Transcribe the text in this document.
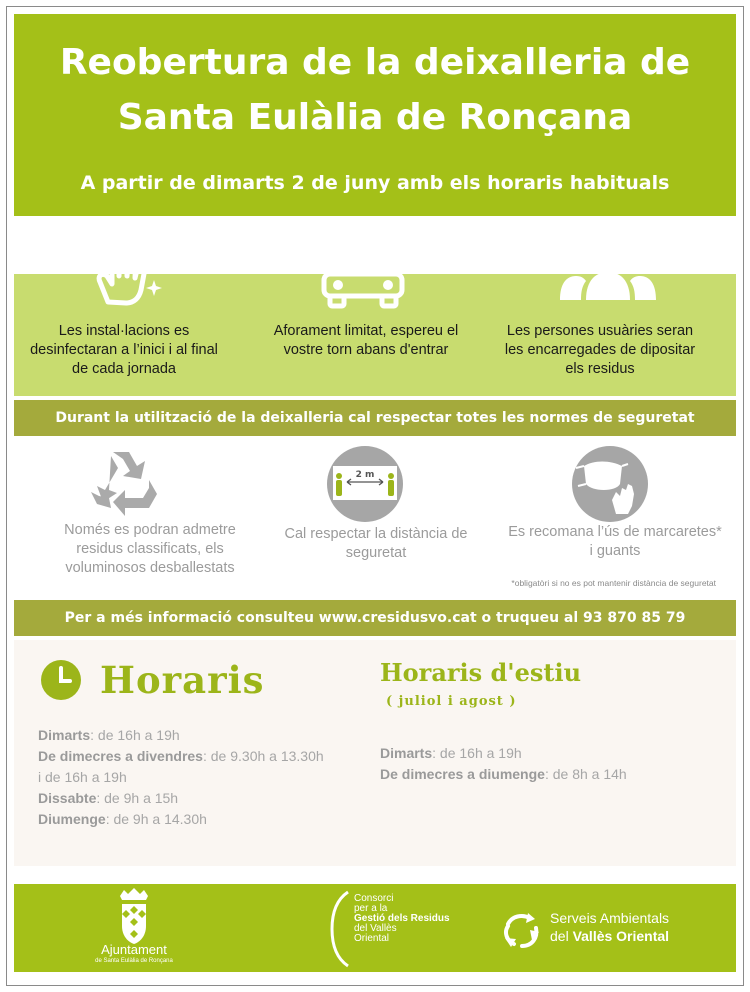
Reobertura de la deixalleria de
Santa Eulàlia de Ronçana
A partir de dimarts 2 de juny amb els horaris habituals
Les instal·lacions es desinfectaran a l’inici i al final de cada jornada
Aforament limitat, espereu el vostre torn abans d'entrar
Les persones usuàries seran les encarregades de dipositar els residus
Durant la utilització de la deixalleria cal respectar totes les normes de seguretat
2 m
Només es podran admetre residus classificats, els voluminosos desballestats
Cal respectar la distància de seguretat
Es recomana l’ús de marcaretes* i guants
*obligatòri si no es pot mantenir distància de seguretat
Per a més informació consulteu www.cresidusvo.cat o truqueu al 93 870 85 79
Horaris	Horaris d'estiu
( juliol i agost )
Dimarts: de 16h a 19h
De dimecres a divendres: de 9.30h a 13.30h
i de 16h a 19h
Dissabte: de 9h a 15h
Diumenge: de 9h a 14.30h
Dimarts: de 16h a 19h
De dimecres a diumenge: de 8h a 14h
Ajuntament
de Santa Eulàlia de Ronçana
Consorci
per a la
Gestió dels Residus
del Vallès
Oriental
Serveis Ambientals
del Vallès Oriental
